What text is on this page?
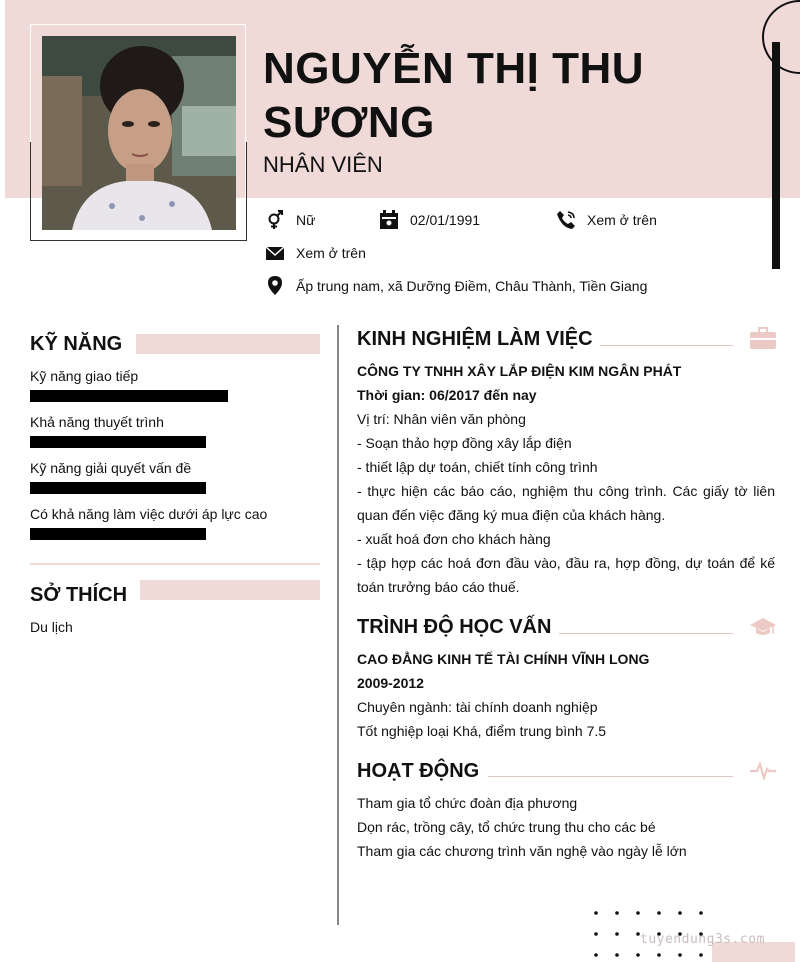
NGUYỄN THỊ THU SƯƠNG
NHÂN VIÊN
Nữ	02/01/1991	Xem ở trên
Xem ở trên
Ấp trung nam, xã Dưỡng Điềm, Châu Thành, Tiền Giang
KỸ NĂNG
Kỹ năng giao tiếp
Khả năng thuyết trình
Kỹ năng giải quyết vấn đề
Có khả năng làm việc dưới áp lực cao
SỞ THÍCH
Du lịch
KINH NGHIỆM LÀM VIỆC
CÔNG TY TNHH XÂY LẮP ĐIỆN KIM NGÂN PHÁT
Thời gian: 06/2017 đến nay
Vị trí: Nhân viên văn phòng
- Soạn thảo hợp đồng xây lắp điện
- thiết lập dự toán, chiết tính công trình
- thực hiện các báo cáo, nghiệm thu công trình. Các giấy tờ liên quan đến việc đăng ký mua điện của khách hàng.
- xuất hoá đơn cho khách hàng
- tập hợp các hoá đơn đầu vào, đầu ra, hợp đồng, dự toán để kế toán trưởng báo cáo thuế.
TRÌNH ĐỘ HỌC VẤN
CAO ĐẲNG KINH TẾ TÀI CHÍNH VĨNH LONG
2009-2012
Chuyên ngành: tài chính doanh nghiệp
Tốt nghiệp loại Khá, điểm trung bình 7.5
HOẠT ĐỘNG
Tham gia tổ chức đoàn địa phương
Dọn rác, trồng cây, tổ chức trung thu cho các bé
Tham gia các chương trình văn nghệ vào ngày lễ lớn
tuyendung3s.com
